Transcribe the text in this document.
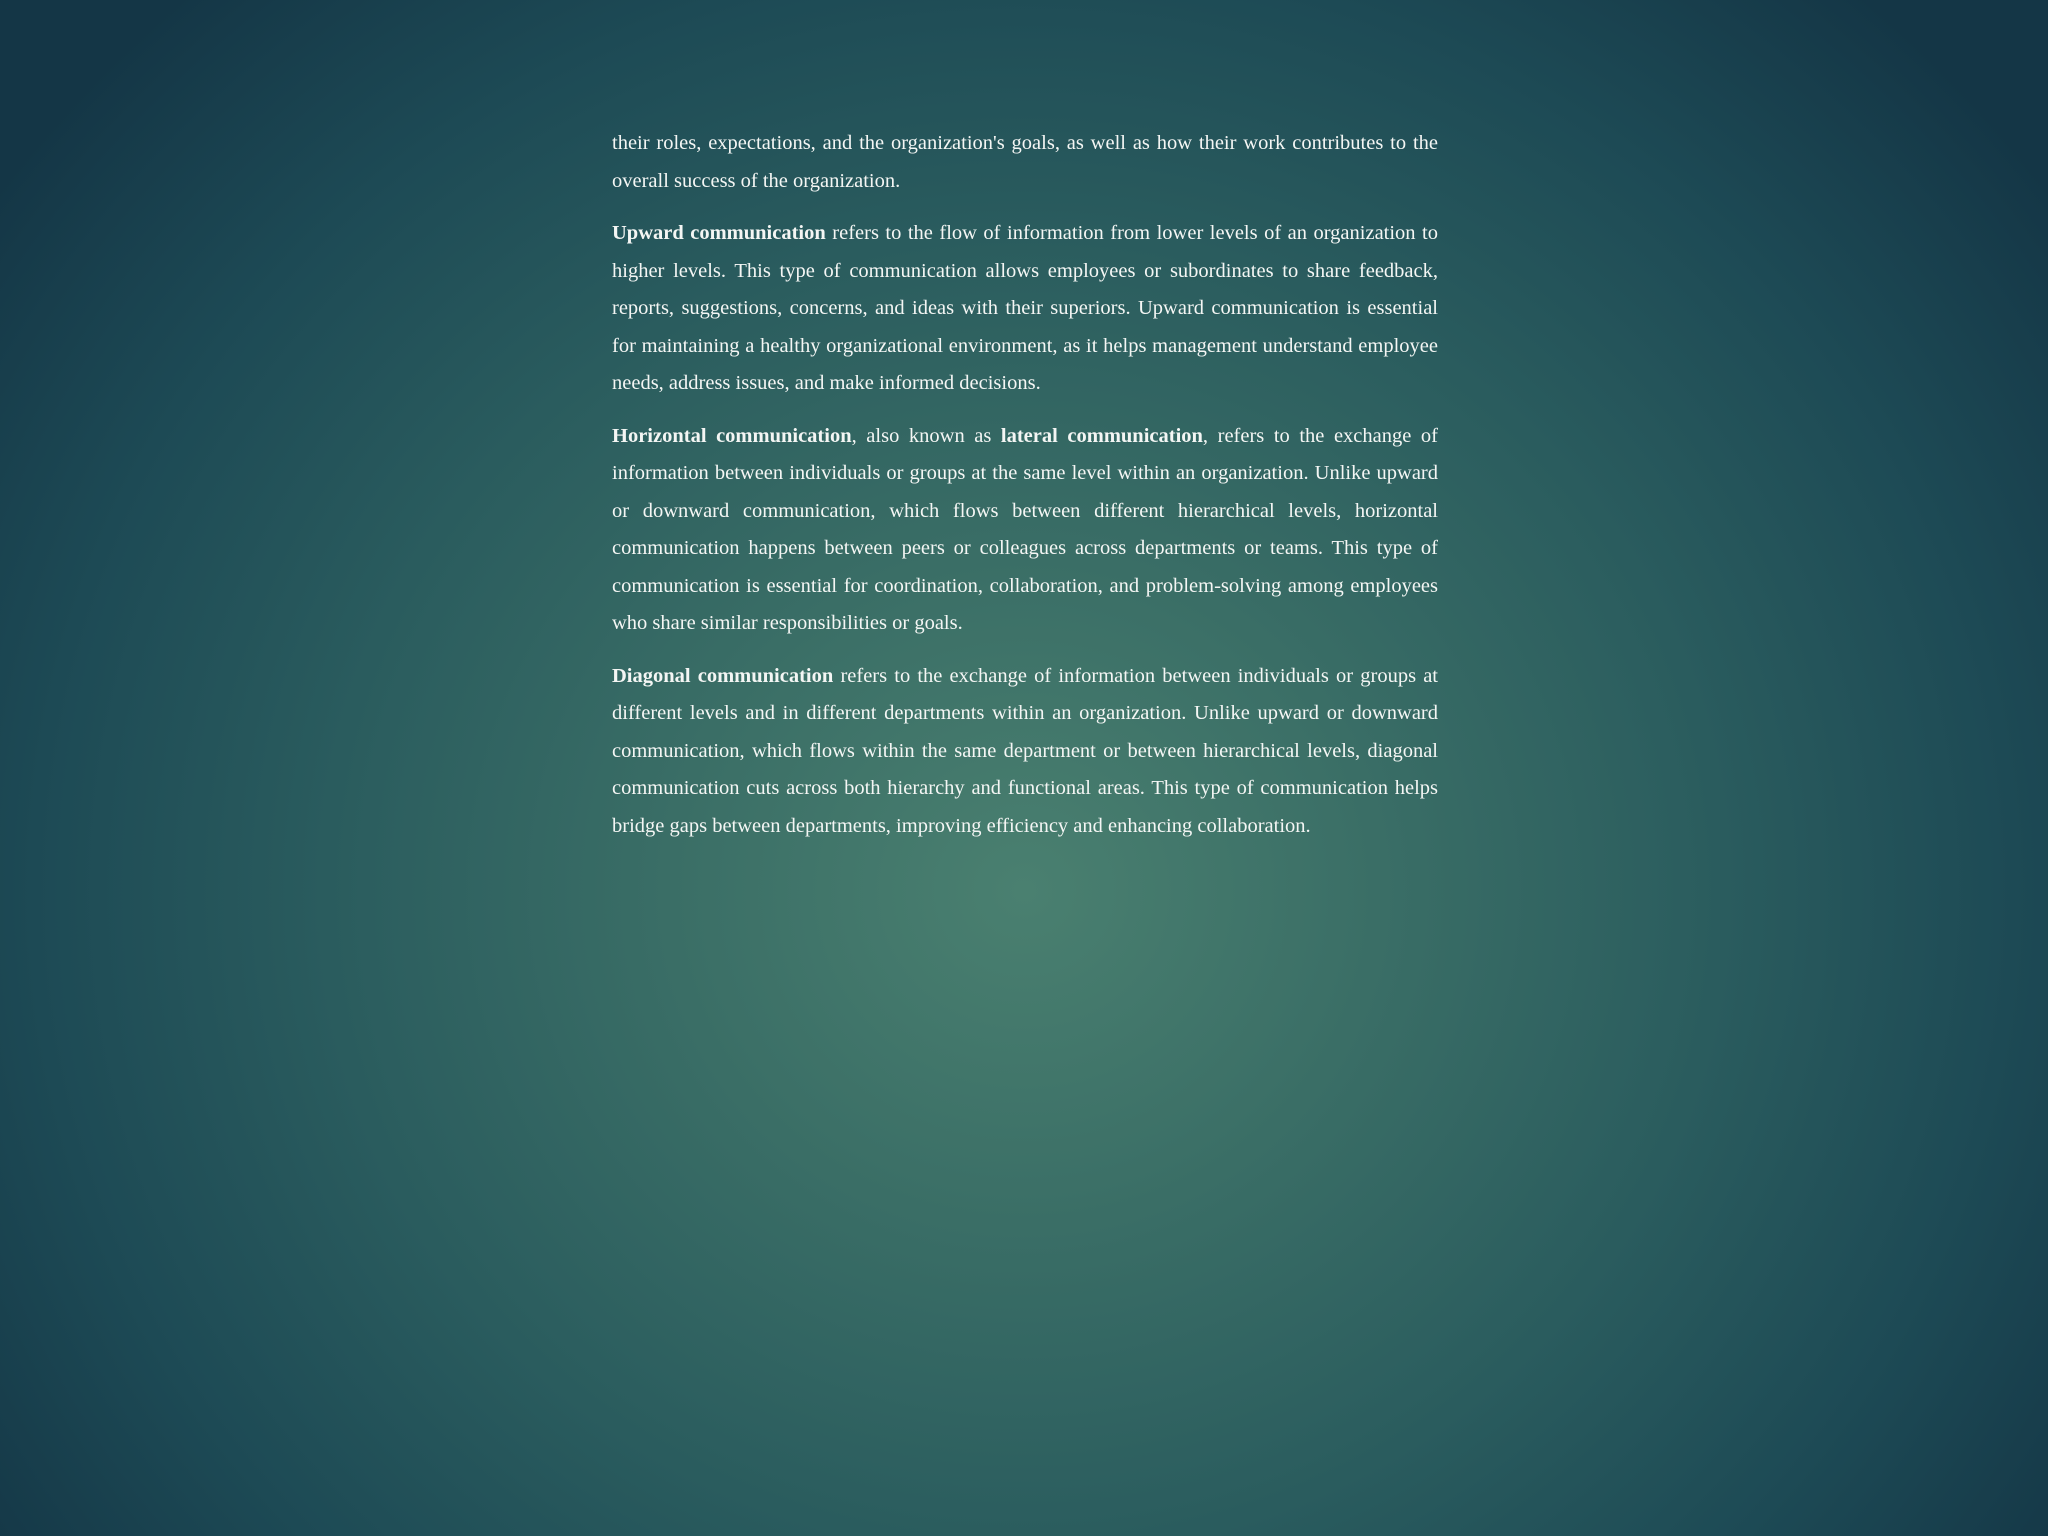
their roles, expectations, and the organization's goals, as well as how their work contributes to the overall success of the organization.

Upward communication refers to the flow of information from lower levels of an organization to higher levels. This type of communication allows employees or subordinates to share feedback, reports, suggestions, concerns, and ideas with their superiors. Upward communication is essential for maintaining a healthy organizational environment, as it helps management understand employee needs, address issues, and make informed decisions.

Horizontal communication, also known as lateral communication, refers to the exchange of information between individuals or groups at the same level within an organization. Unlike upward or downward communication, which flows between different hierarchical levels, horizontal communication happens between peers or colleagues across departments or teams. This type of communication is essential for coordination, collaboration, and problem-solving among employees who share similar responsibilities or goals.

Diagonal communication refers to the exchange of information between individuals or groups at different levels and in different departments within an organization. Unlike upward or downward communication, which flows within the same department or between hierarchical levels, diagonal communication cuts across both hierarchy and functional areas. This type of communication helps bridge gaps between departments, improving efficiency and enhancing collaboration.
